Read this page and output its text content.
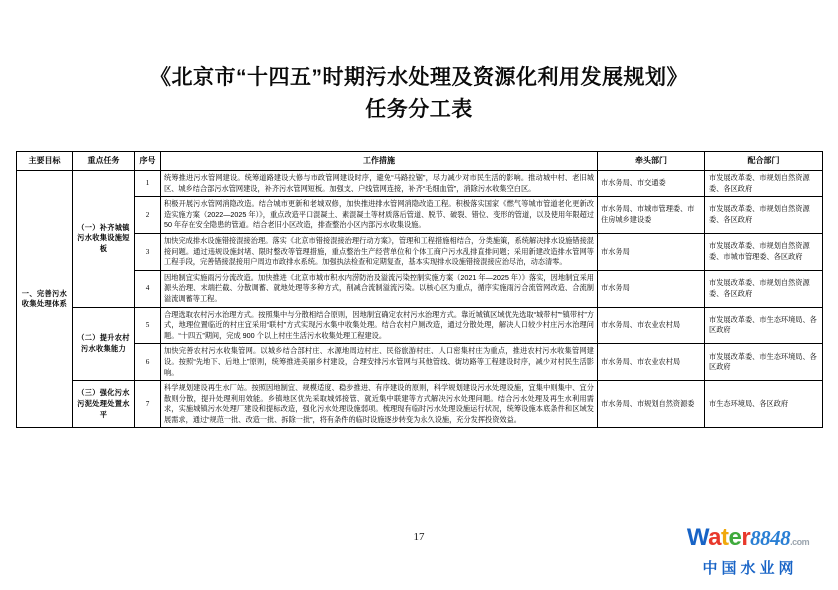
《北京市“十四五”时期污水处理及资源化利用发展规划》
任务分工表
主要目标	重点任务	序号	工作措施	牵头部门	配合部门
一、完善污水收集处理体系	（一）补齐城镇污水收集设施短板	1	统筹推进污水管网建设。统筹道路建设大修与市政管网建设时序，避免“马路拉锯”，尽力减少对市民生活的影响。推动城中村、老旧城区、城乡结合部污水管网建设，补齐污水管网短板。加强支、户线管网连接，补齐“毛细血管”，消除污水收集空白区。	市水务局、市交通委	市发展改革委、市规划自然资源委、各区政府
		2	积极开展污水管网消隐改造。结合城市更新和老城双修，加快推进排水管网消隐改造工程。积极落实国家《燃气等城市管道老化更新改造实施方案（2022—2025 年）》，重点改造平口混凝土、素混凝土等材质落后管道、脱节、破裂、错位、变形的管道，以及使用年限超过 50 年存在安全隐患的管道。结合老旧小区改造，排查整治小区内部污水收集设施。	市水务局、市城市管理委、市住房城乡建设委	市发展改革委、市规划自然资源委、各区政府
		3	加快完成排水设施错接混接治理。落实《北京市错接混接治理行动方案》，管理和工程措施相结合，分类施策，系统解决排水设施错接混接问题。通过违规设施封堵、限时整改等管理措施，重点整治生产经营单位和个体工商户污水乱排直排问题；采用新建改造排水管网等工程手段，完善错接混接用户周边市政排水系统。加强执法检查和定期复查，基本实现排水设施错接混接应治尽治，动态清零。	市水务局	市发展改革委、市规划自然资源委、市城市管理委、各区政府
		4	因地制宜实施雨污分流改造。加快推进《北京市城市积水内涝防治及溢流污染控制实施方案（2021 年—2025 年）》落实，因地制宜采用源头治理、末端拦截、分散调蓄、就地处理等多种方式，削减合流制溢流污染。以核心区为重点，循序实施雨污合流管网改造、合流制溢流调蓄等工程。	市水务局	市发展改革委、市规划自然资源委、各区政府
	（二）提升农村污水收集能力	5	合理选取农村污水治理方式。按照集中与分散相结合原则，因地制宜确定农村污水治理方式。靠近城镇区域优先选取“城带村”“镇带村”方式，地理位置临近的村庄宜采用“联村”方式实现污水集中收集处理。结合农村户厕改造，通过分散处理，解决人口较少村庄污水治理问题。“十四五”期间，完成 900 个以上村庄生活污水收集处理工程建设。	市水务局、市农业农村局	市发展改革委、市生态环境局、各区政府
		6	加快完善农村污水收集管网。以城乡结合部村庄、水源地周边村庄、民俗旅游村庄、人口密集村庄为重点，推进农村污水收集管网建设。按照“先地下、后地上”原则，统筹推进美丽乡村建设，合理安排污水管网与其他管线、街坊路等工程建设时序，减少对村民生活影响。	市水务局、市农业农村局	市发展改革委、市生态环境局、各区政府
	（三）强化污水污泥处理处置水平	7	科学规划建设再生水厂站。按照因地制宜、规模适度、稳步推进、有序建设的原则，科学规划建设污水处理设施，宜集中则集中、宜分散则分散，提升处理利用效能。乡镇地区优先采取城郊接管、就近集中联建等方式解决污水处理问题。结合污水处理及再生水利用需求，实施城镇污水处理厂建设和提标改造，强化污水处理设施弱项。梳理现有临时污水处理设施运行状况，统筹设施本底条件和区域发展需求，通过“规范一批、改造一批、拆除一批”，将有条件的临时设施逐步转变为永久设施，充分发挥投资效益。	市水务局、市规划自然资源委	市生态环境局、各区政府
17	Water8848.com
中国水业网
